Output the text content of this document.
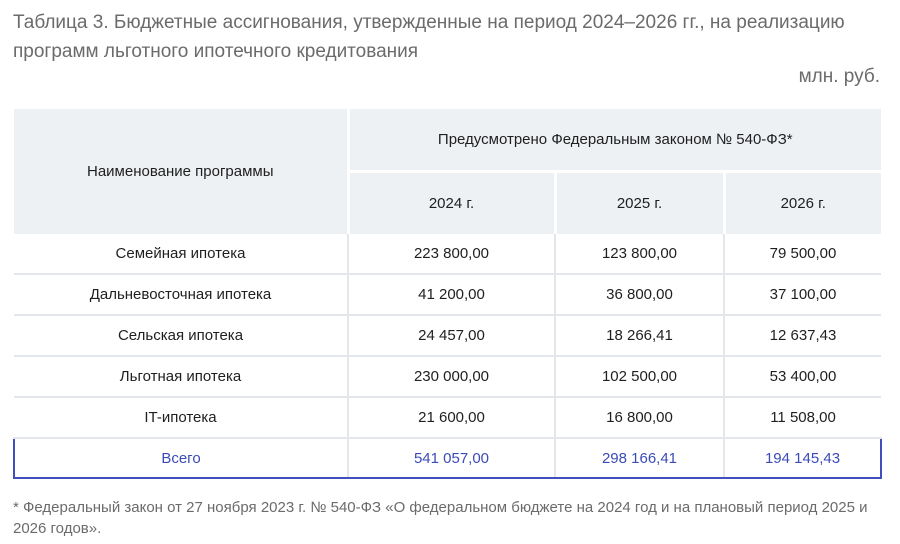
Таблица 3. Бюджетные ассигнования, утвержденные на период 2024–2026 гг., на реализацию программ льготного ипотечного кредитования
млн. руб.
Наименование программы	Предусмотрено Федеральным законом № 540-ФЗ*		
	2024 г.	2025 г.	2026 г.
Семейная ипотека	223 800,00	123 800,00	79 500,00
Дальневосточная ипотека	41 200,00	36 800,00	37 100,00
Сельская ипотека	24 457,00	18 266,41	12 637,43
Льготная ипотека	230 000,00	102 500,00	53 400,00
IT-ипотека	21 600,00	16 800,00	11 508,00
Всего	541 057,00	298 166,41	194 145,43

* Федеральный закон от 27 ноября 2023 г. № 540-ФЗ «О федеральном бюджете на 2024 год и на плановый период 2025 и 2026 годов».
